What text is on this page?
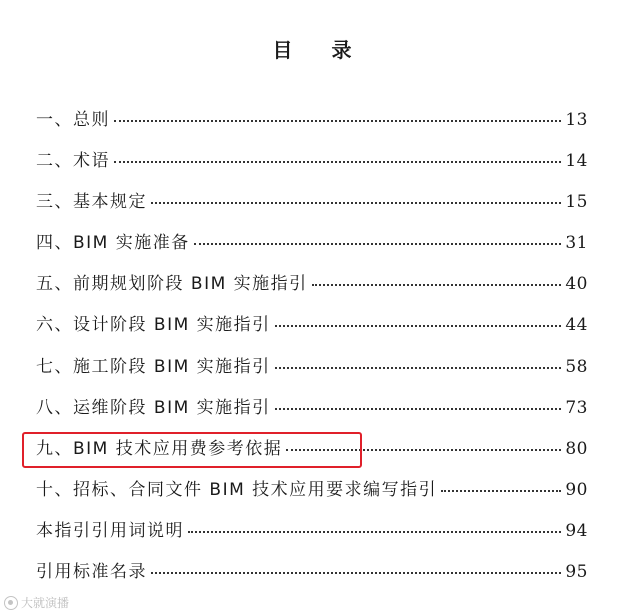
目 录
一、总则	13
二、术语	14
三、基本规定	15
四、BIM 实施准备	31
五、前期规划阶段 BIM 实施指引	40
六、设计阶段 BIM 实施指引	44
七、施工阶段 BIM 实施指引	58
八、运维阶段 BIM 实施指引	73
九、BIM 技术应用费参考依据	80
十、招标、合同文件 BIM 技术应用要求编写指引	90
本指引引用词说明	94
引用标准名录	95
大就演播
